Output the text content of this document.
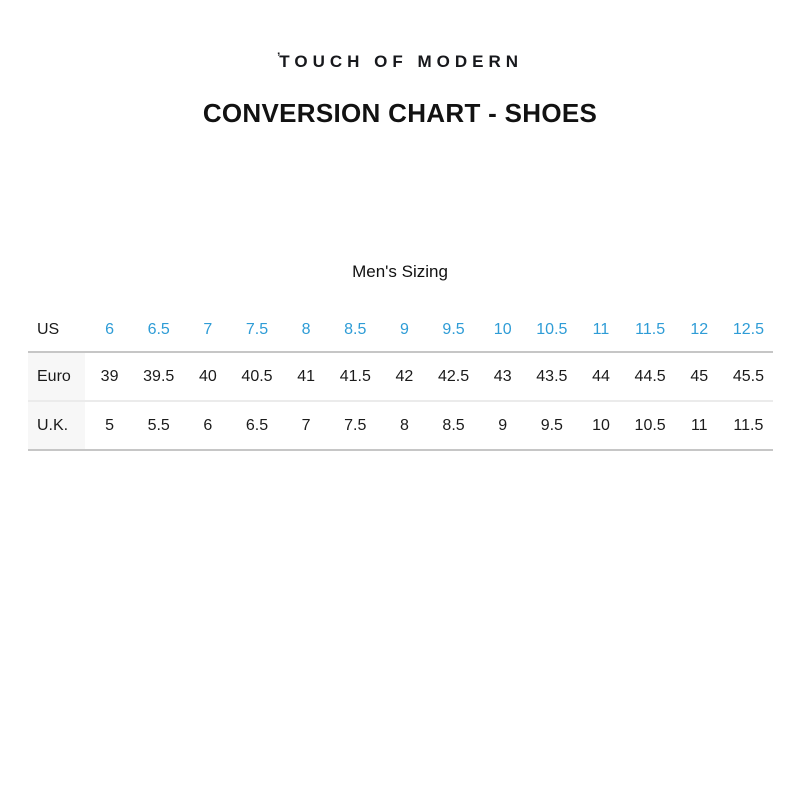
ʼTOUCH OF MODERN
CONVERSION CHART - SHOES
Men's Sizing
US	6	6.5	7	7.5	8	8.5	9	9.5	10	10.5	11	11.5	12	12.5
Euro	39	39.5	40	40.5	41	41.5	42	42.5	43	43.5	44	44.5	45	45.5
U.K.	5	5.5	6	6.5	7	7.5	8	8.5	9	9.5	10	10.5	11	11.5
